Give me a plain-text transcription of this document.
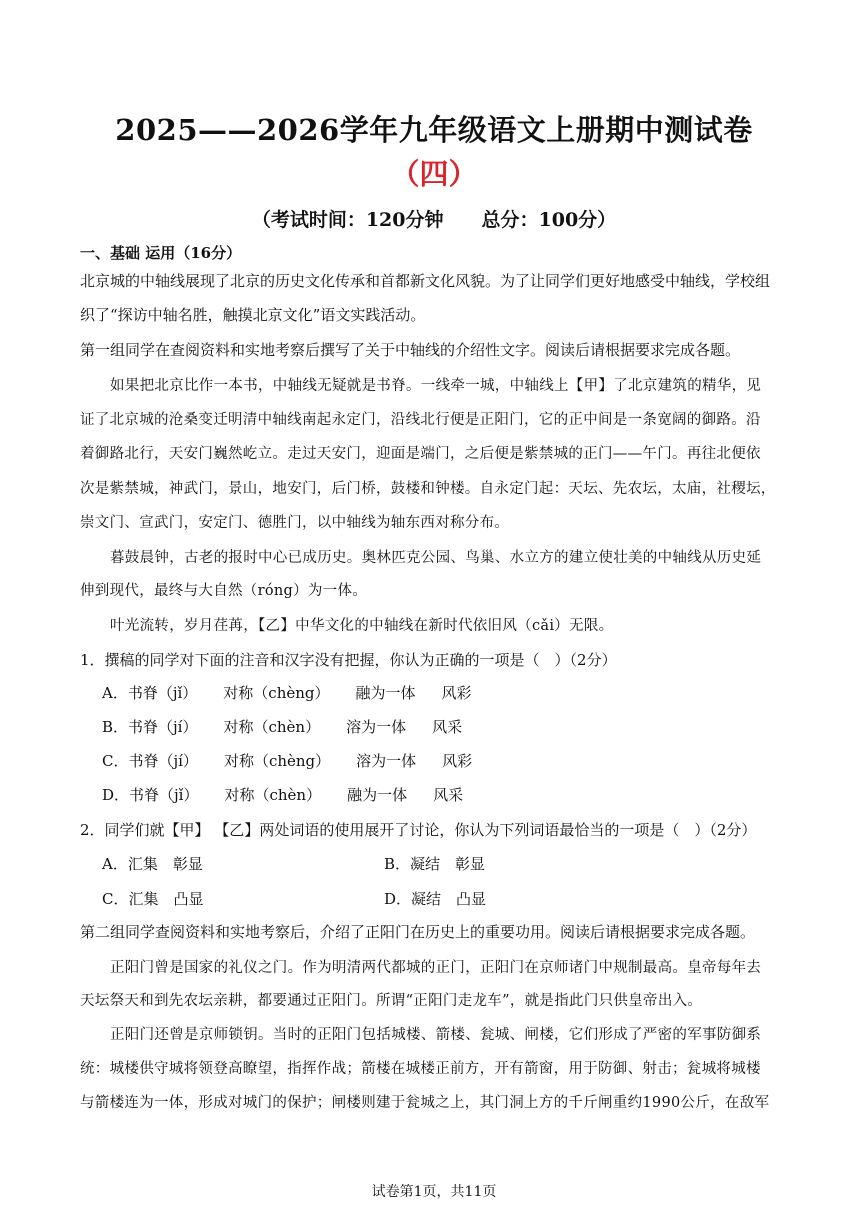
2025——2026学年九年级语文上册期中测试卷
（四）
（考试时间：120分钟 总分：100分）
一、基础 运用（16分）
北京城的中轴线展现了北京的历史文化传承和首都新文化风貌。为了让同学们更好地感受中轴线，学校组
织了“探访中轴名胜，触摸北京文化”语文实践活动。
第一组同学在查阅资料和实地考察后撰写了关于中轴线的介绍性文字。阅读后请根据要求完成各题。
如果把北京比作一本书，中轴线无疑就是书脊。一线牵一城，中轴线上【甲】了北京建筑的精华，见
证了北京城的沧桑变迁明清中轴线南起永定门，沿线北行便是正阳门，它的正中间是一条宽阔的御路。沿
着御路北行，天安门巍然屹立。走过天安门，迎面是端门，之后便是紫禁城的正门——午门。再往北便依
次是紫禁城，神武门，景山，地安门，后门桥，鼓楼和钟楼。自永定门起：天坛、先农坛，太庙，社稷坛，
崇文门、宣武门，安定门、德胜门，以中轴线为轴东西对称分布。
暮鼓晨钟，古老的报时中心已成历史。奥林匹克公园、鸟巢、水立方的建立使壮美的中轴线从历史延
伸到现代，最终与大自然（róng）为一体。
叶光流转，岁月荏苒，【乙】中华文化的中轴线在新时代依旧风（cǎi）无限。
1．撰稿的同学对下面的注音和汉字没有把握，你认为正确的一项是（　）（2分）
A．书脊（jǐ） 对称（chèng） 融为一体 风彩
B．书脊（jí） 对称（chèn） 溶为一体 风采
C．书脊（jí） 对称（chèng） 溶为一体 风彩
D．书脊（jǐ） 对称（chèn） 融为一体 风采
2．同学们就【甲】 【乙】两处词语的使用展开了讨论，你认为下列词语最恰当的一项是（　）（2分）
A．汇集　彰显	B．凝结　彰显
C．汇集　凸显	D．凝结　凸显
第二组同学查阅资料和实地考察后，介绍了正阳门在历史上的重要功用。阅读后请根据要求完成各题。
正阳门曾是国家的礼仪之门。作为明清两代都城的正门，正阳门在京师诸门中规制最高。皇帝每年去
天坛祭天和到先农坛亲耕，都要通过正阳门。所谓“正阳门走龙车”，就是指此门只供皇帝出入。
正阳门还曾是京师锁钥。当时的正阳门包括城楼、箭楼、瓮城、闸楼，它们形成了严密的军事防御系
统：城楼供守城将领登高瞭望，指挥作战；箭楼在城楼正前方，开有箭窗，用于防御、射击；瓮城将城楼
与箭楼连为一体，形成对城门的保护；闸楼则建于瓮城之上，其门洞上方的千斤闸重约1990公斤，在敌军
试卷第1页，共11页
